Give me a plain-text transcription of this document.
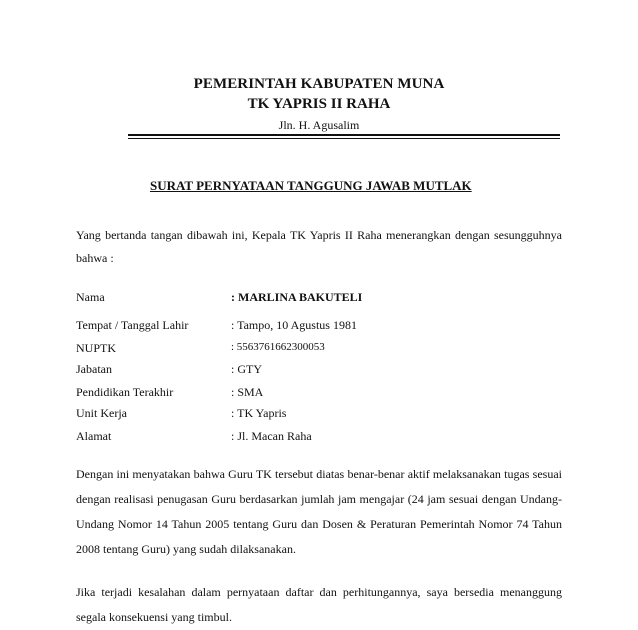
PEMERINTAH KABUPATEN MUNA
TK YAPRIS II RAHA
Jln. H. Agusalim
SURAT PERNYATAAN TANGGUNG JAWAB MUTLAK
Yang bertanda tangan dibawah ini, Kepala TK Yapris II Raha menerangkan dengan sesungguhnya bahwa :
Nama	: MARLINA BAKUTELI
Tempat / Tanggal Lahir	: Tampo, 10 Agustus 1981
NUPTK	: 5563761662300053
Jabatan	: GTY
Pendidikan Terakhir	: SMA
Unit Kerja	: TK Yapris
Alamat	: Jl. Macan Raha
Dengan ini menyatakan bahwa Guru TK tersebut diatas benar-benar aktif melaksanakan tugas sesuai dengan realisasi penugasan Guru berdasarkan jumlah jam mengajar (24 jam sesuai dengan Undang-Undang Nomor 14 Tahun 2005 tentang Guru dan Dosen & Peraturan Pemerintah Nomor 74 Tahun 2008 tentang Guru) yang sudah dilaksanakan.
Jika terjadi kesalahan dalam pernyataan daftar dan perhitungannya, saya bersedia menanggung segala konsekuensi yang timbul.
